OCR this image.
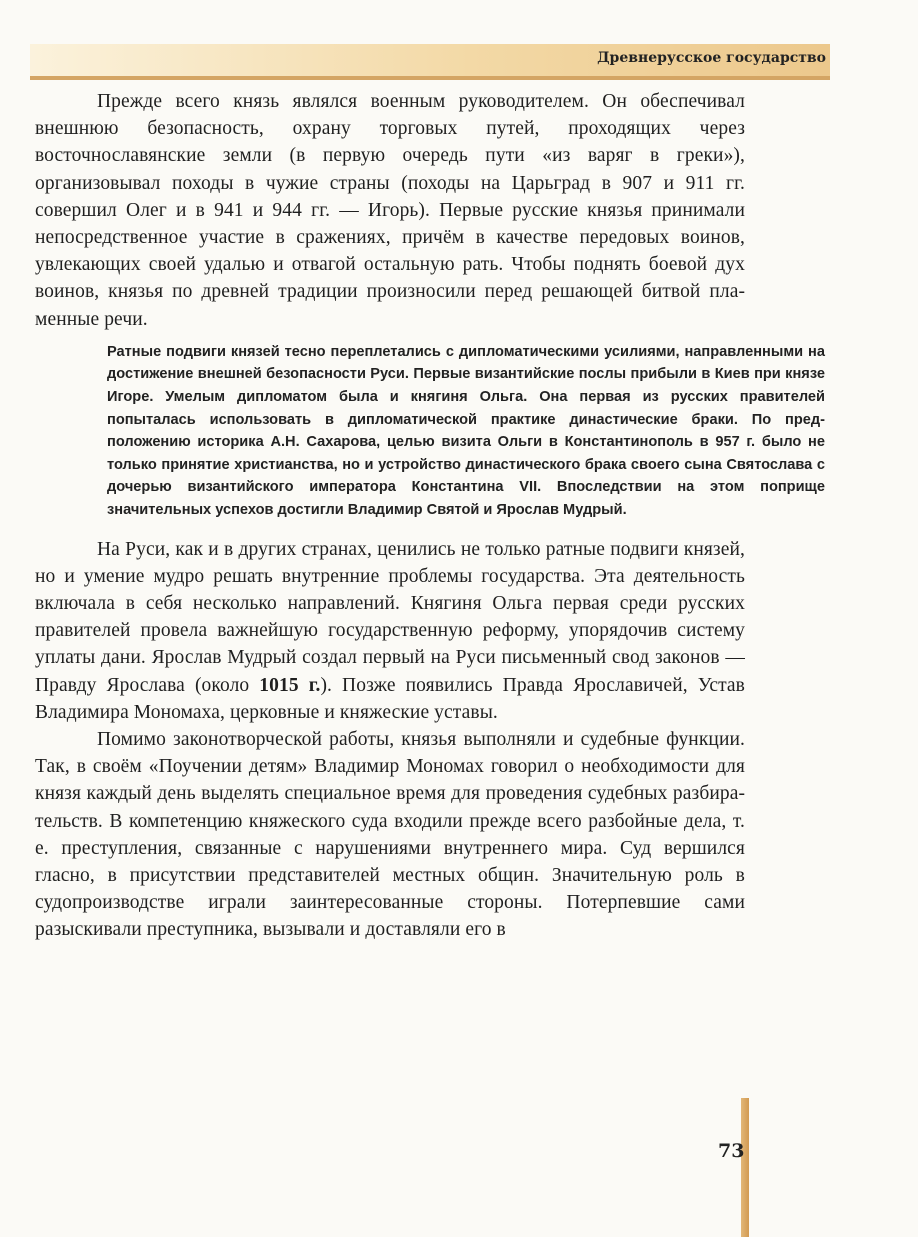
Древнерусское государство

Прежде всего князь являлся военным руководителем. Он обеспечивал внешнюю безопасность, охрану торговых путей, проходящих через восточнославянские земли (в первую очередь пути «из варяг в греки»), организовывал походы в чужие страны (походы на Царьград в 907 и 911 гг. совершил Олег и в 941 и 944 гг. — Игорь). Первые русские князья принимали непосредственное участие в сражениях, причём в качестве передовых воинов, увлекающих своей удалью и отвагой остальную рать. Чтобы поднять боевой дух воинов, князья по древней традиции произносили перед решающей битвой пламенные речи.

Ратные подвиги князей тесно переплетались с дипломатическими усилиями, направленными на достижение внешней безопасности Руси. Первые византийские послы прибыли в Киев при князе Игоре. Умелым дипломатом была и княгиня Ольга. Она первая из русских правителей попыталась использовать в дипломатической практике династические браки. По предположению историка А.Н. Сахарова, целью визита Ольги в Константинополь в 957 г. было не только принятие христианства, но и устройство династического брака своего сына Святослава с дочерью византийского императора Константина VII. Впоследствии на этом поприще значительных успехов достигли Владимир Святой и Ярослав Мудрый.

На Руси, как и в других странах, ценились не только ратные подвиги князей, но и умение мудро решать внутренние проблемы государства. Эта деятельность включала в себя несколько направлений. Княгиня Ольга первая среди русских правителей провела важнейшую государственную реформу, упорядочив систему уплаты дани. Ярослав Мудрый создал первый на Руси письменный свод законов — Правду Ярослава (около 1015 г.). Позже появились Правда Ярославичей, Устав Владимира Мономаха, церковные и княжеские уставы.

Помимо законотворческой работы, князья выполняли и судебные функции. Так, в своём «Поучении детям» Владимир Мономах говорил о необходимости для князя каждый день выделять специальное время для проведения судебных разбирательств. В компетенцию княжеского суда входили прежде всего разбойные дела, т. е. преступления, связанные с нарушениями внутреннего мира. Суд вершился гласно, в присутствии представителей местных общин. Значительную роль в судопроизводстве играли заинтересованные стороны. Потерпевшие сами разыскивали преступника, вызывали и доставляли его в

73
